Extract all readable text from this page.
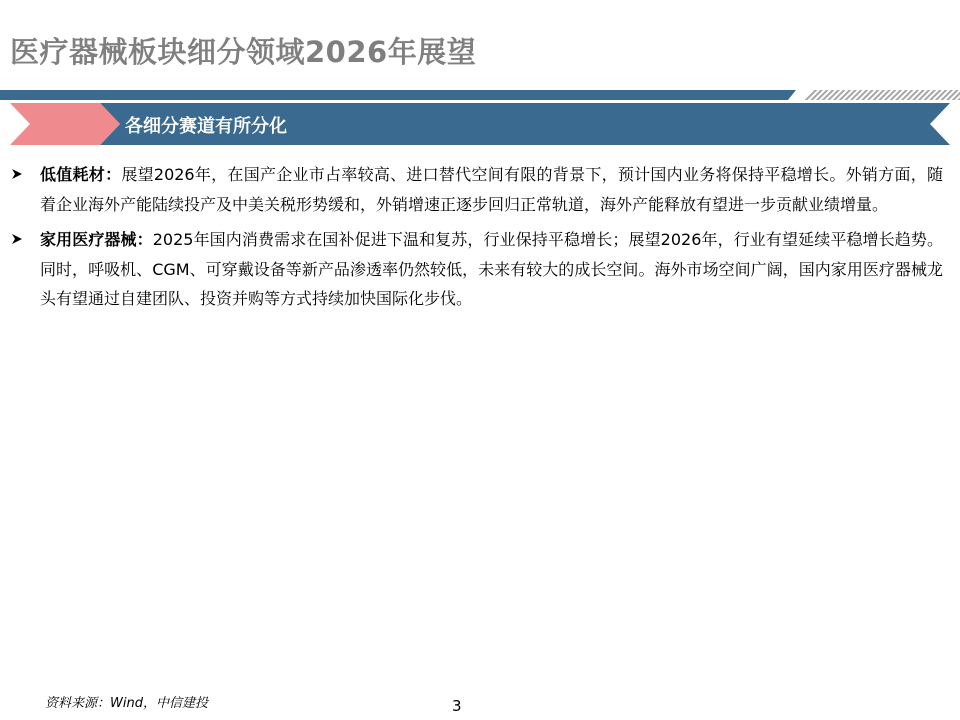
医疗器械板块细分领域2026年展望
各细分赛道有所分化
低值耗材：展望2026年，在国产企业市占率较高、进口替代空间有限的背景下，预计国内业务将保持平稳增长。外销方面，随着企业海外产能陆续投产及中美关税形势缓和，外销增速正逐步回归正常轨道，海外产能释放有望进一步贡献业绩增量。
家用医疗器械：2025年国内消费需求在国补促进下温和复苏，行业保持平稳增长；展望2026年，行业有望延续平稳增长趋势。同时，呼吸机、CGM、可穿戴设备等新产品渗透率仍然较低，未来有较大的成长空间。海外市场空间广阔，国内家用医疗器械龙头有望通过自建团队、投资并购等方式持续加快国际化步伐。
资料来源：Wind，中信建投	3
